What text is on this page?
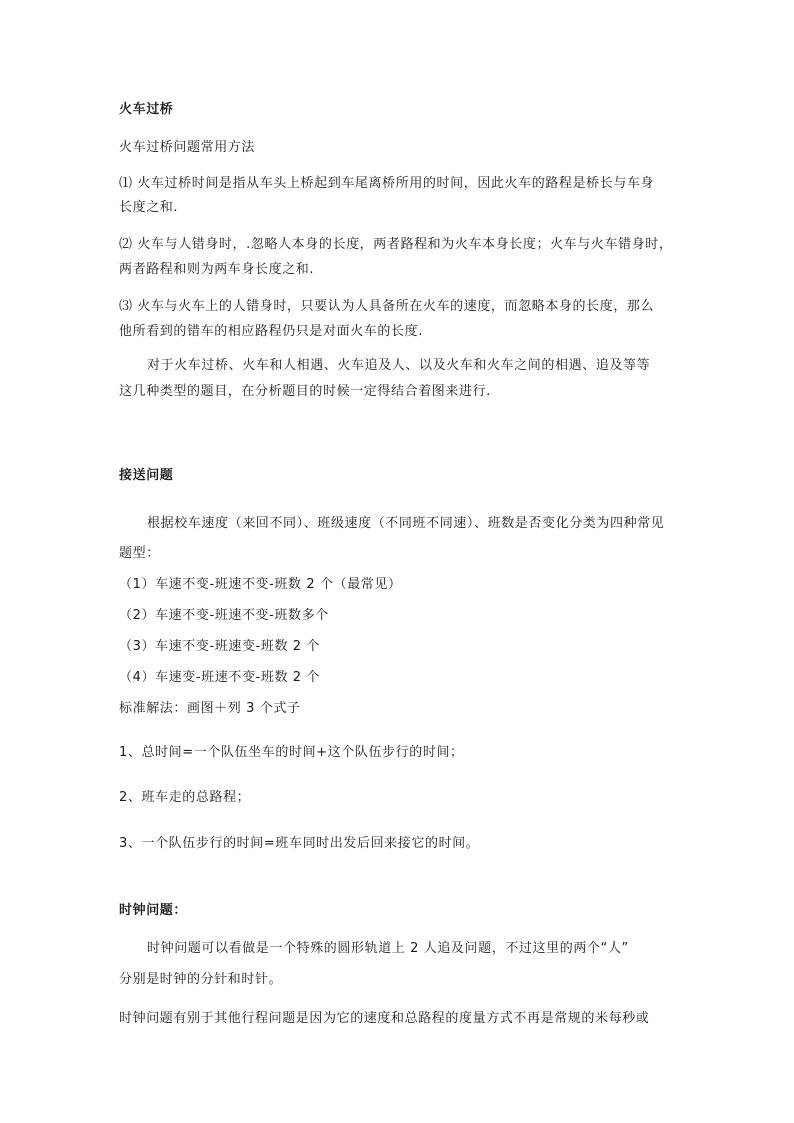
火车过桥
火车过桥问题常用方法
⑴ 火车过桥时间是指从车头上桥起到车尾离桥所用的时间，因此火车的路程是桥长与车身
长度之和.
⑵ 火车与人错身时，.忽略人本身的长度，两者路程和为火车本身长度；火车与火车错身时，
两者路程和则为两车身长度之和.
⑶ 火车与火车上的人错身时，只要认为人具备所在火车的速度，而忽略本身的长度，那么
他所看到的错车的相应路程仍只是对面火车的长度.
对于火车过桥、火车和人相遇、火车追及人、以及火车和火车之间的相遇、追及等等
这几种类型的题目，在分析题目的时候一定得结合着图来进行.
接送问题
根据校车速度（来回不同）、班级速度（不同班不同速）、班数是否变化分类为四种常见
题型：
（1）车速不变-班速不变-班数 2 个（最常见）
（2）车速不变-班速不变-班数多个
（3）车速不变-班速变-班数 2 个
（4）车速变-班速不变-班数 2 个
标准解法：画图＋列 3 个式子
1、总时间=一个队伍坐车的时间+这个队伍步行的时间；
2、班车走的总路程；
3、一个队伍步行的时间=班车同时出发后回来接它的时间。
时钟问题：
时钟问题可以看做是一个特殊的圆形轨道上 2 人追及问题，不过这里的两个“人”
分别是时钟的分针和时针。
时钟问题有别于其他行程问题是因为它的速度和总路程的度量方式不再是常规的米每秒或
